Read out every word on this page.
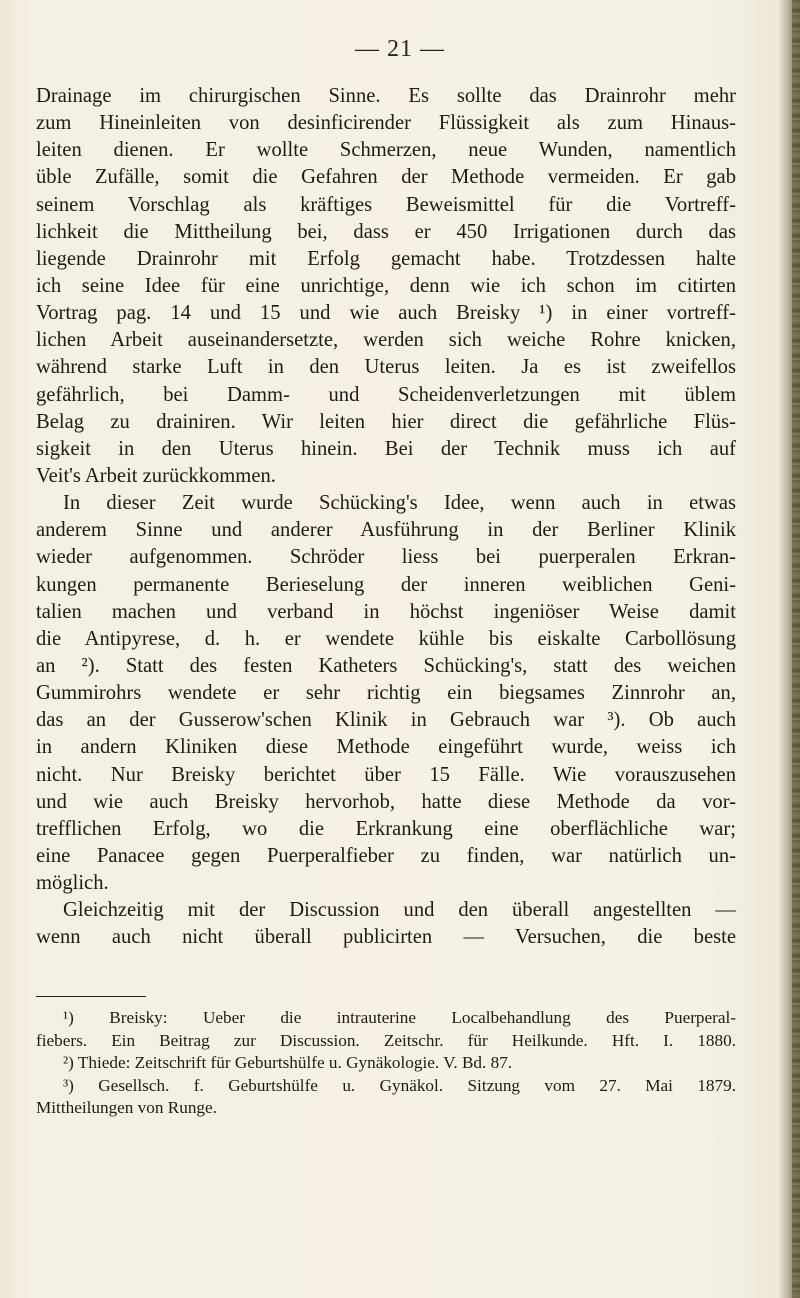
— 21 —
Drainage im chirurgischen Sinne. Es sollte das Drainrohr mehr
zum Hineinleiten von desinficirender Flüssigkeit als zum Hinaus-
leiten dienen. Er wollte Schmerzen, neue Wunden, namentlich
üble Zufälle, somit die Gefahren der Methode vermeiden. Er gab
seinem Vorschlag als kräftiges Beweismittel für die Vortreff-
lichkeit die Mittheilung bei, dass er 450 Irrigationen durch das
liegende Drainrohr mit Erfolg gemacht habe. Trotzdessen halte
ich seine Idee für eine unrichtige, denn wie ich schon im citirten
Vortrag pag. 14 und 15 und wie auch Breisky ¹) in einer vortreff-
lichen Arbeit auseinandersetzte, werden sich weiche Rohre knicken,
während starke Luft in den Uterus leiten. Ja es ist zweifellos
gefährlich, bei Damm- und Scheidenverletzungen mit üblem
Belag zu drainiren. Wir leiten hier direct die gefährliche Flüs-
sigkeit in den Uterus hinein. Bei der Technik muss ich auf
Veit's Arbeit zurückkommen.
In dieser Zeit wurde Schücking's Idee, wenn auch in etwas
anderem Sinne und anderer Ausführung in der Berliner Klinik
wieder aufgenommen. Schröder liess bei puerperalen Erkran-
kungen permanente Berieselung der inneren weiblichen Geni-
talien machen und verband in höchst ingeniöser Weise damit
die Antipyrese, d. h. er wendete kühle bis eiskalte Carbollösung
an ²). Statt des festen Katheters Schücking's, statt des weichen
Gummirohrs wendete er sehr richtig ein biegsames Zinnrohr an,
das an der Gusserow'schen Klinik in Gebrauch war ³). Ob auch
in andern Kliniken diese Methode eingeführt wurde, weiss ich
nicht. Nur Breisky berichtet über 15 Fälle. Wie vorauszusehen
und wie auch Breisky hervorhob, hatte diese Methode da vor-
trefflichen Erfolg, wo die Erkrankung eine oberflächliche war;
eine Panacee gegen Puerperalfieber zu finden, war natürlich un-
möglich.
Gleichzeitig mit der Discussion und den überall angestellten —
wenn auch nicht überall publicirten — Versuchen, die beste
¹) Breisky: Ueber die intrauterine Localbehandlung des Puerperal-
fiebers. Ein Beitrag zur Discussion. Zeitschr. für Heilkunde. Hft. I. 1880.
²) Thiede: Zeitschrift für Geburtshülfe u. Gynäkologie. V. Bd. 87.
³) Gesellsch. f. Geburtshülfe u. Gynäkol. Sitzung vom 27. Mai 1879.
Mittheilungen von Runge.
